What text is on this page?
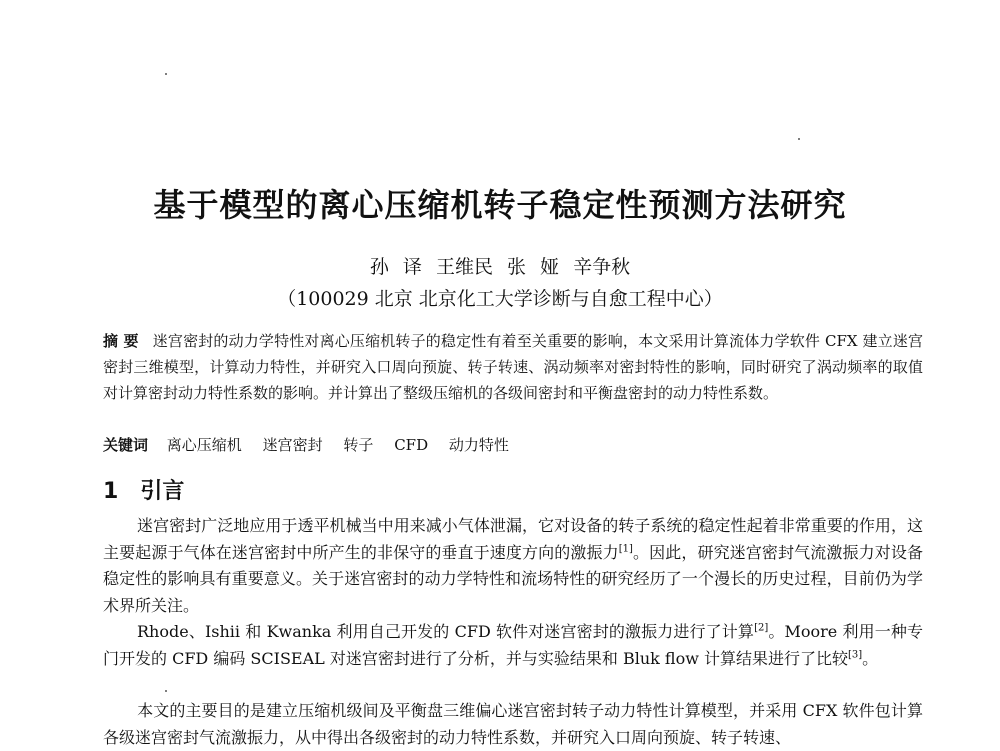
基于模型的离心压缩机转子稳定性预测方法研究
孙 译 王维民 张 娅 辛争秋
（100029 北京 北京化工大学诊断与自愈工程中心）
摘 要 迷宫密封的动力学特性对离心压缩机转子的稳定性有着至关重要的影响，本文采用计算流体力学软件 CFX 建立迷宫密封三维模型，计算动力特性，并研究入口周向预旋、转子转速、涡动频率对密封特性的影响，同时研究了涡动频率的取值对计算密封动力特性系数的影响。并计算出了整级压缩机的各级间密封和平衡盘密封的动力特性系数。
关键词 离心压缩机 迷宫密封 转子 CFD 动力特性
1 引言
迷宫密封广泛地应用于透平机械当中用来减小气体泄漏，它对设备的转子系统的稳定性起着非常重要的作用，这主要起源于气体在迷宫密封中所产生的非保守的垂直于速度方向的激振力[1]。因此，研究迷宫密封气流激振力对设备稳定性的影响具有重要意义。关于迷宫密封的动力学特性和流场特性的研究经历了一个漫长的历史过程，目前仍为学术界所关注。
Rhode、Ishii 和 Kwanka 利用自己开发的 CFD 软件对迷宫密封的激振力进行了计算[2]。Moore 利用一种专门开发的 CFD 编码 SCISEAL 对迷宫密封进行了分析，并与实验结果和 Bluk flow 计算结果进行了比较[3]。
本文的主要目的是建立压缩机级间及平衡盘三维偏心迷宫密封转子动力特性计算模型，并采用 CFX 软件包计算各级迷宫密封气流激振力，从中得出各级密封的动力特性系数，并研究入口周向预旋、转子转速、
